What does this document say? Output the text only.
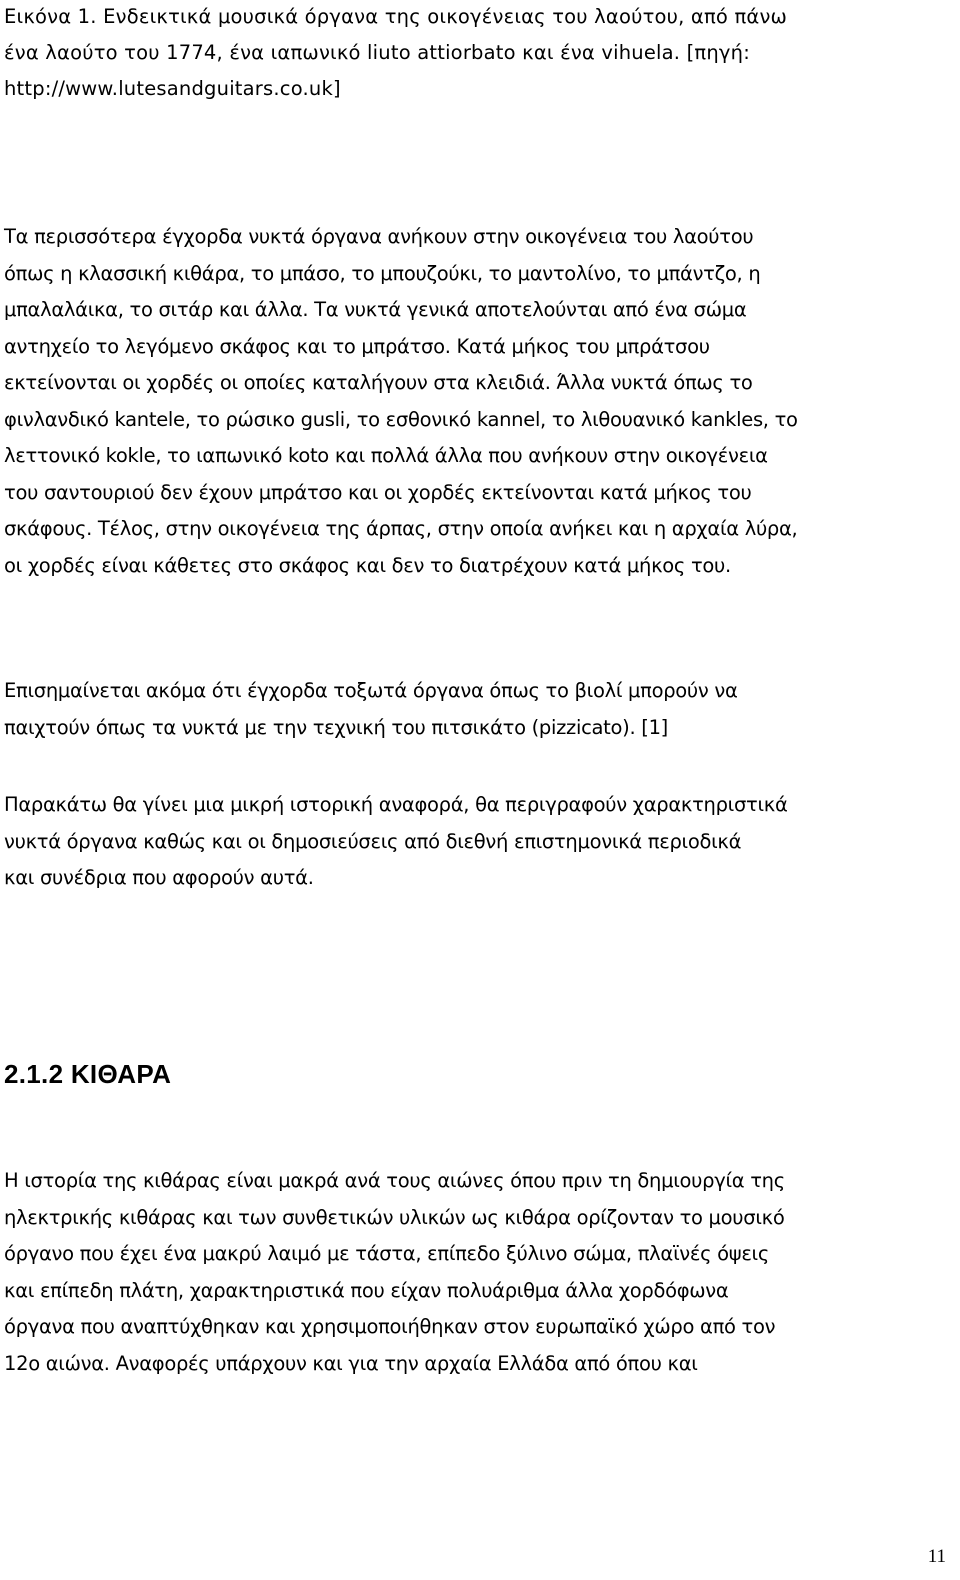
Εικόνα 1. Ενδεικτικά μουσικά όργανα της οικογένειας του λαούτου, από πάνω
ένα λαούτο του 1774, ένα ιαπωνικό liuto attiorbato και ένα vihuela. [πηγή:
http://www.lutesandguitars.co.uk]
Τα περισσότερα έγχορδα νυκτά όργανα ανήκουν στην οικογένεια του λαούτου
όπως η κλασσική κιθάρα, το μπάσο, το μπουζούκι, το μαντολίνο, το μπάντζο, η
μπαλαλάικα, το σιτάρ και άλλα. Τα νυκτά γενικά αποτελούνται από ένα σώμα
αντηχείο το λεγόμενο σκάφος και το μπράτσο. Κατά μήκος του μπράτσου
εκτείνονται οι χορδές οι οποίες καταλήγουν στα κλειδιά. Άλλα νυκτά όπως το
φινλανδικό kantele, το ρώσικο gusli, το εσθονικό kannel, το λιθουανικό kankles, το
λεττονικό kokle, το ιαπωνικό koto και πολλά άλλα που ανήκουν στην οικογένεια
του σαντουριού δεν έχουν μπράτσο και οι χορδές εκτείνονται κατά μήκος του
σκάφους. Τέλος, στην οικογένεια της άρπας, στην οποία ανήκει και η αρχαία λύρα,
οι χορδές είναι κάθετες στο σκάφος και δεν το διατρέχουν κατά μήκος του.
Επισημαίνεται ακόμα ότι έγχορδα τοξωτά όργανα όπως το βιολί μπορούν να
παιχτούν όπως τα νυκτά με την τεχνική του πιτσικάτο (pizzicato). [1]
Παρακάτω θα γίνει μια μικρή ιστορική αναφορά, θα περιγραφούν χαρακτηριστικά
νυκτά όργανα καθώς και οι δημοσιεύσεις από διεθνή επιστημονικά περιοδικά
και συνέδρια που αφορούν αυτά.
2.1.2 ΚΙΘΑΡΑ
Η ιστορία της κιθάρας είναι μακρά ανά τους αιώνες όπου πριν τη δημιουργία της
ηλεκτρικής κιθάρας και των συνθετικών υλικών ως κιθάρα ορίζονταν το μουσικό
όργανο που έχει ένα μακρύ λαιμό με τάστα, επίπεδο ξύλινο σώμα, πλαϊνές όψεις
και επίπεδη πλάτη, χαρακτηριστικά που είχαν πολυάριθμα άλλα χορδόφωνα
όργανα που αναπτύχθηκαν και χρησιμοποιήθηκαν στον ευρωπαϊκό χώρο από τον
12ο αιώνα. Αναφορές υπάρχουν και για την αρχαία Ελλάδα από όπου και
11
